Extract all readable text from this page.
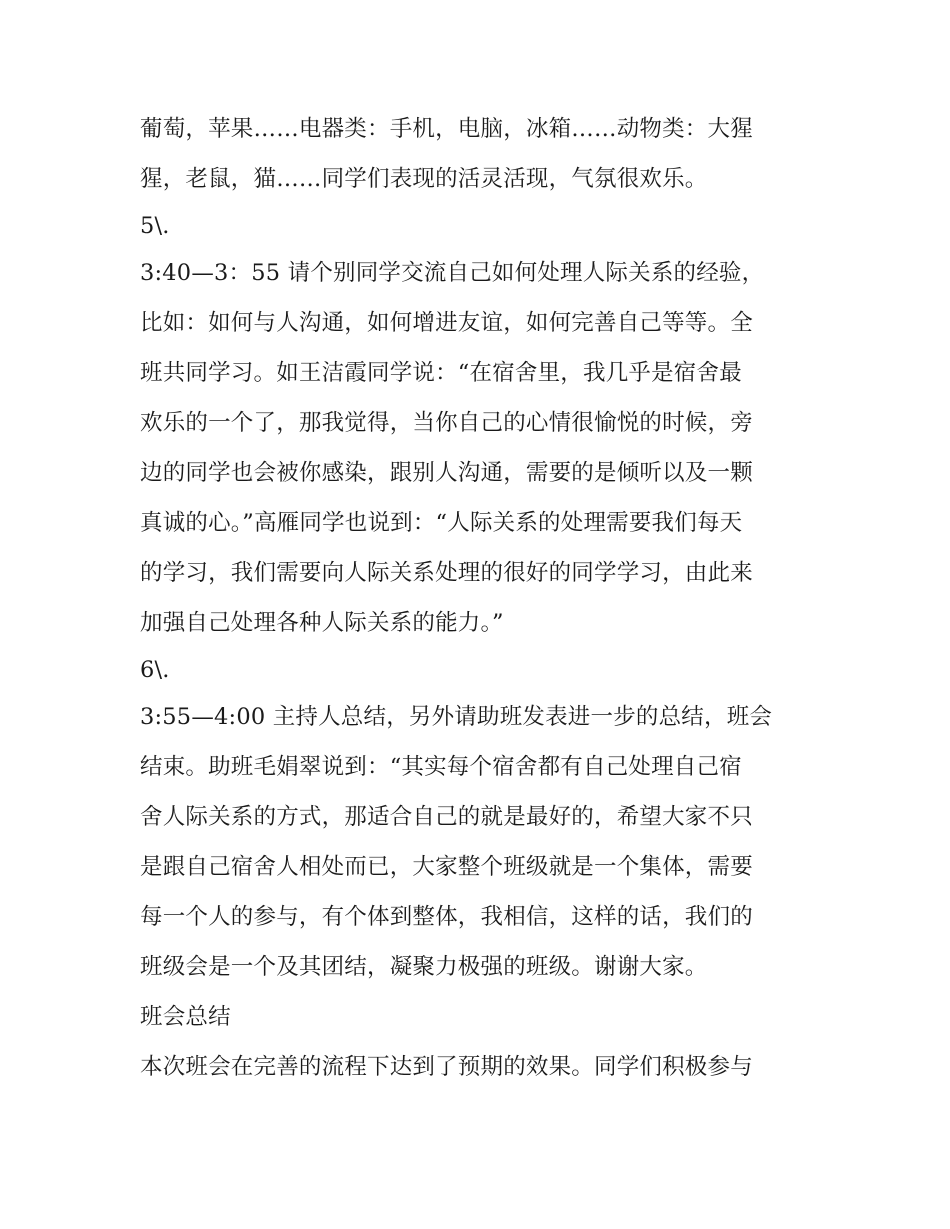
葡萄，苹果……电器类：手机，电脑，冰箱……动物类：大猩
猩，老鼠，猫……同学们表现的活灵活现，气氛很欢乐。
5\.
3:40—3：55 请个别同学交流自己如何处理人际关系的经验，
比如：如何与人沟通，如何增进友谊，如何完善自己等等。全
班共同学习。如王洁霞同学说：“在宿舍里，我几乎是宿舍最
欢乐的一个了，那我觉得，当你自己的心情很愉悦的时候，旁
边的同学也会被你感染，跟别人沟通，需要的是倾听以及一颗
真诚的心。”高雁同学也说到：“人际关系的处理需要我们每天
的学习，我们需要向人际关系处理的很好的同学学习，由此来
加强自己处理各种人际关系的能力。”
6\.
3:55—4:00 主持人总结，另外请助班发表进一步的总结，班会
结束。助班毛娟翠说到：“其实每个宿舍都有自己处理自己宿
舍人际关系的方式，那适合自己的就是最好的，希望大家不只
是跟自己宿舍人相处而已，大家整个班级就是一个集体，需要
每一个人的参与，有个体到整体，我相信，这样的话，我们的
班级会是一个及其团结，凝聚力极强的班级。谢谢大家。
班会总结
本次班会在完善的流程下达到了预期的效果。同学们积极参与
